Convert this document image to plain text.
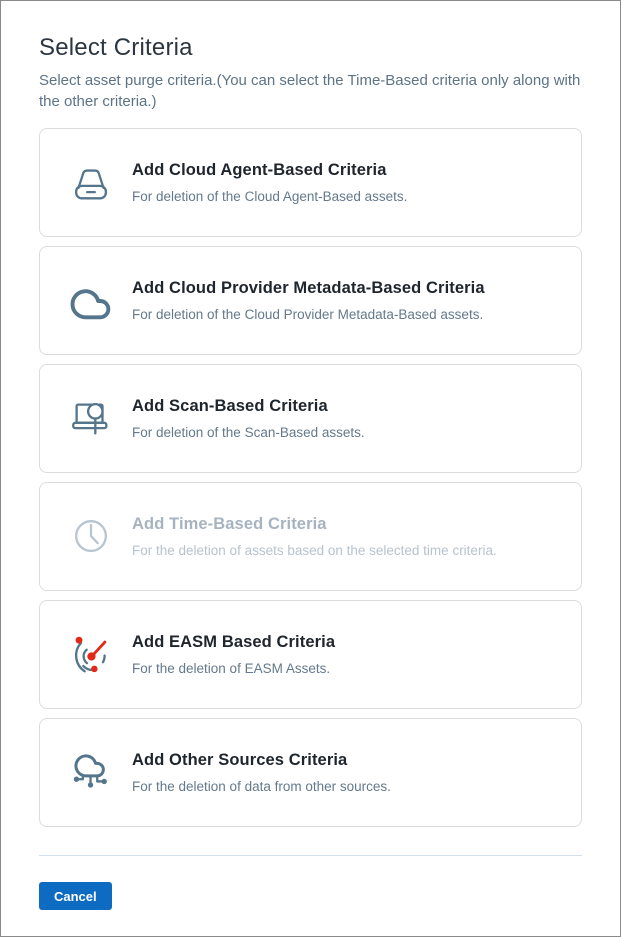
Select Criteria

Select asset purge criteria.(You can select the Time-Based criteria only along with the other criteria.)

Add Cloud Agent-Based Criteria
For deletion of the Cloud Agent-Based assets.
Add Cloud Provider Metadata-Based Criteria
For deletion of the Cloud Provider Metadata-Based assets.
Add Scan-Based Criteria
For deletion of the Scan-Based assets.
Add Time-Based Criteria
For the deletion of assets based on the selected time criteria.
Add EASM Based Criteria
For the deletion of EASM Assets.
Add Other Sources Criteria
For the deletion of data from other sources.
Cancel
